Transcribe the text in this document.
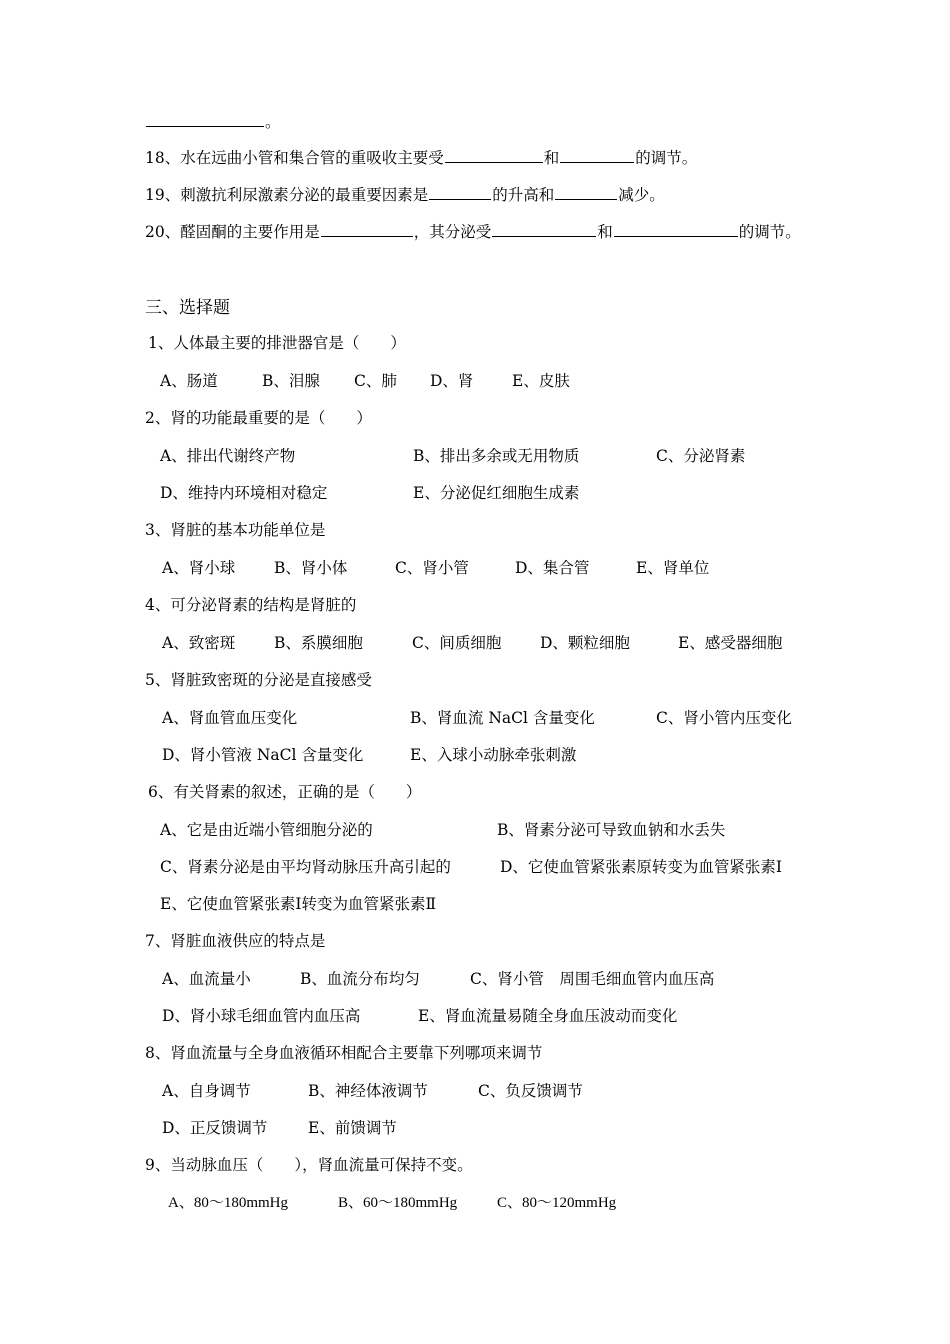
。
18、水在远曲小管和集合管的重吸收主要受	和	的调节。
19、刺激抗利尿激素分泌的最重要因素是	的升高和	减少。
20、醛固酮的主要作用是	，其分泌受	和	的调节。
三、选择题
1、人体最主要的排泄器官是（　　）
A、肠道	B、泪腺 C、肺 D、肾 E、皮肤
2、肾的功能最重要的是（　　）
A、排出代谢终产物	B、排出多余或无用物质	C、分泌肾素
D、维持内环境相对稳定	E、分泌促红细胞生成素
3、肾脏的基本功能单位是
A、肾小球	B、肾小体	C、肾小管	D、集合管	E、肾单位
4、可分泌肾素的结构是肾脏的
A、致密斑	B、系膜细胞	C、间质细胞 D、颗粒细胞	E、感受器细胞
5、肾脏致密斑的分泌是直接感受
A、肾血管血压变化	B、肾血流 NaCl 含量变化	C、肾小管内压变化
D、肾小管液 NaCl 含量变化	E、入球小动脉牵张刺激
6、有关肾素的叙述，正确的是（　　）
A、它是由近端小管细胞分泌的	B、肾素分泌可导致血钠和水丢失
C、肾素分泌是由平均肾动脉压升高引起的	D、它使血管紧张素原转变为血管紧张素Ⅰ
E、它使血管紧张素Ⅰ转变为血管紧张素Ⅱ
7、肾脏血液供应的特点是
A、血流量小	B、血流分布均匀	C、肾小管　周围毛细血管内血压高
D、肾小球毛细血管内血压高	E、肾血流量易随全身血压波动而变化
8、肾血流量与全身血液循环相配合主要靠下列哪项来调节
A、自身调节	B、神经体液调节	C、负反馈调节
D、正反馈调节	E、前馈调节
9、当动脉血压（　　），肾血流量可保持不变。
A、80～180mmHg	B、60～180mmHg	C、80～120mmHg
